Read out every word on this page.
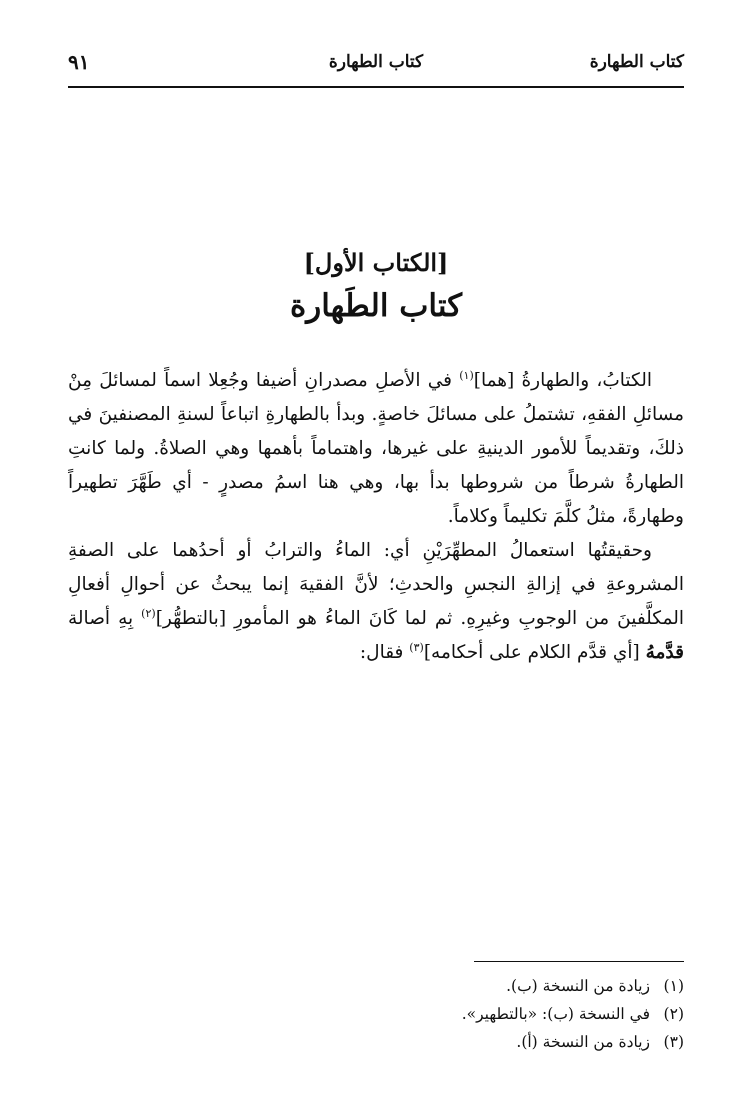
كتاب الطهارة
كتاب الطهارة
٩١
[الكتاب الأول]
كتاب الطَهارة

الكتابُ، والطهارةُ [هما]$^{(١)}$ في الأصلِ مصدرانِ أضيفا وجُعِلا اسماً لمسائلَ مِنْ مسائلِ الفقهِ، تشتملُ على مسائلَ خاصةٍ. وبدأ بالطهارةِ اتباعاً لسنةِ المصنفينَ في ذلكَ، وتقديماً للأمور الدينيةِ على غيرها، واهتماماً بأهمها وهي الصلاةُ. ولما كانتِ الطهارةُ شرطاً من شروطها بدأ بها، وهي هنا اسمُ مصدرٍ - أي طَهَّرَ تطهيراً وطهارةً، مثلُ كلَّمَ تكليماً وكلاماً.

وحقيقتُها استعمالُ المطهِّرَيْنِ أي: الماءُ والترابُ أو أحدُهما على الصفةِ المشروعةِ في إزالةِ النجسِ والحدثِ؛ لأنَّ الفقيهَ إنما يبحثُ عن أحوالِ أفعالِ المكلَّفينَ من الوجوبِ وغيرِهِ. ثم لما كَانَ الماءُ هو المأمورِ [بالتطهُّر]$^{(٢)}$ بِهِ أصالة قدَّمهُ [أي قدَّم الكلام على أحكامه]$^{(٣)}$ فقال:

(١)زيادة من النسخة (ب).
(٢)في النسخة (ب): «بالتطهير».
(٣)زيادة من النسخة (أ).
